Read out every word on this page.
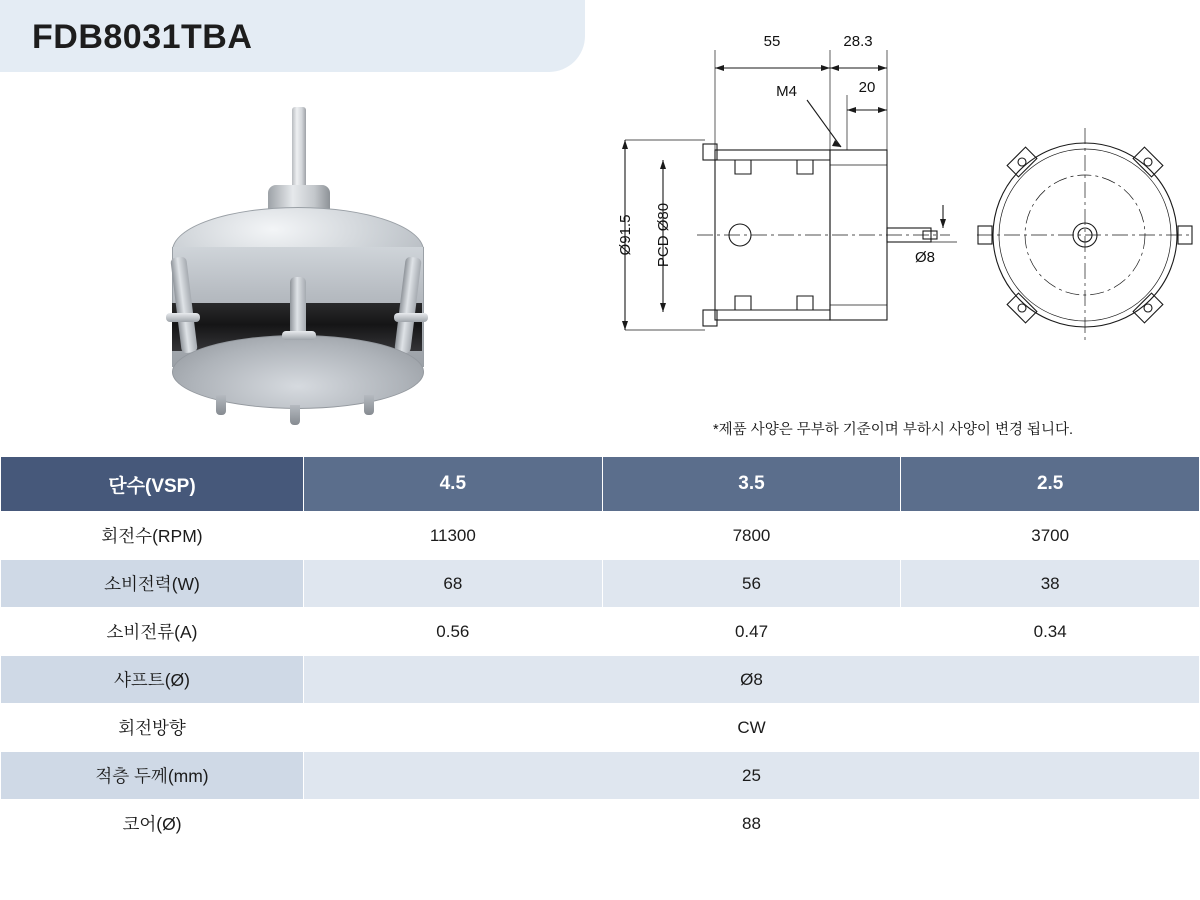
FDB8031TBA	55	28.3
20
M4
Ø91.5 PCD Ø80	Ø8
*제품 사양은 무부하 기준이며 부하시 사양이 변경 됩니다.
단수(VSP)	4.5	3.5	2.5
회전수(RPM)	11300	7800	3700
소비전력(W)	68	56	38
소비전류(A)	0.56	0.47	0.34
샤프트(Ø)	Ø8		
회전방향	CW		
적층 두께(mm)	25		
코어(Ø)	88		
